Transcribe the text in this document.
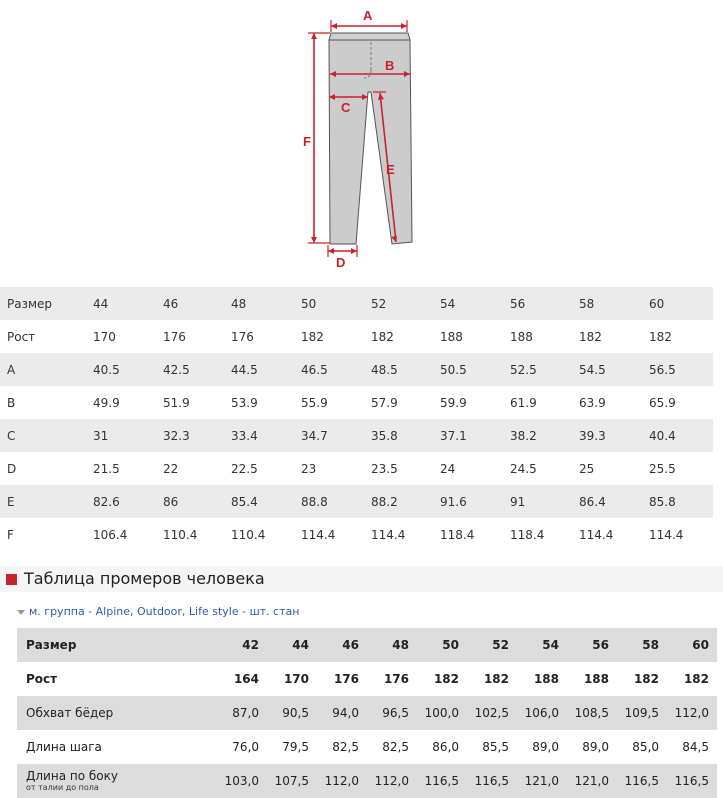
A
B
C
E
F
D
Размер	44	46	48	50	52	54	56	58	60
Рост	170	176	176	182	182	188	188	182	182
A	40.5	42.5	44.5	46.5	48.5	50.5	52.5	54.5	56.5
B	49.9	51.9	53.9	55.9	57.9	59.9	61.9	63.9	65.9
C	31	32.3	33.4	34.7	35.8	37.1	38.2	39.3	40.4
D	21.5	22	22.5	23	23.5	24	24.5	25	25.5
E	82.6	86	85.4	88.8	88.2	91.6	91	86.4	85.8
F	106.4	110.4	110.4	114.4	114.4	118.4	118.4	114.4	114.4
Таблица промеров человека
м. группа - Alpine, Outdoor, Life style - шт. стан
Размер	42	44	46	48	50	52	54	56	58	60
Рост	164	170	176	176	182	182	188	188	182	182
Обхват бёдер	87,0	90,5	94,0	96,5	100,0	102,5	106,0	108,5	109,5	112,0
Длина шага	76,0	79,5	82,5	82,5	86,0	85,5	89,0	89,0	85,0	84,5

Длина по боку
от талии до пола	103,0	107,5	112,0	112,0	116,5	116,5	121,0	121,0	116,5	116,5
